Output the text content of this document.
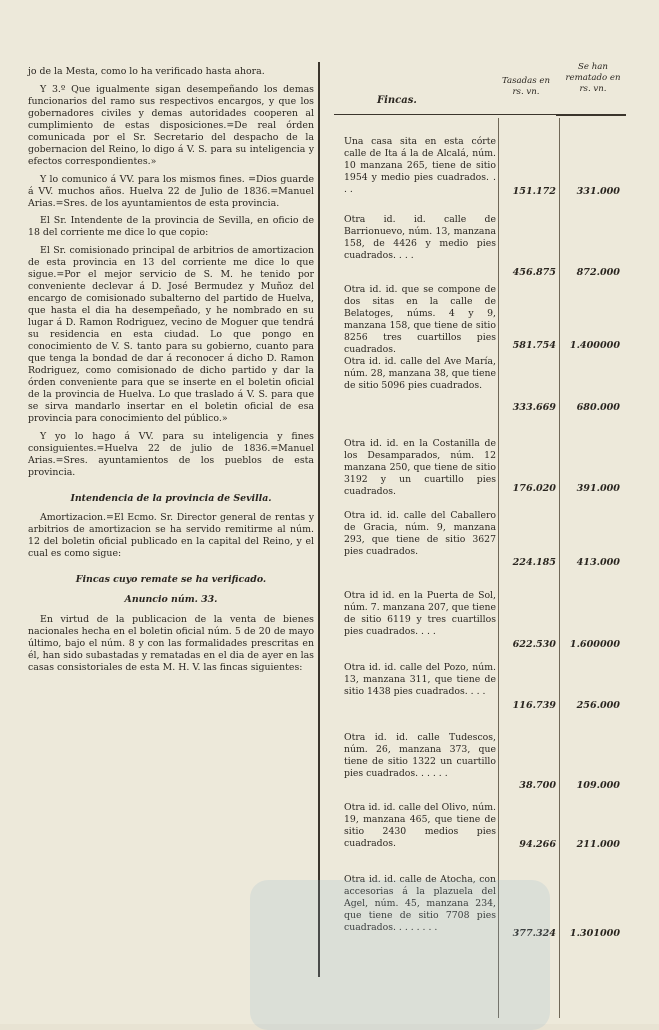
jo de la Mesta, como lo ha verificado hasta ahora.

Y 3.º Que igualmente sigan desempeñando los demas funcionarios del ramo sus respectivos encargos, y que los gobernadores civiles y demas autoridades cooperen al cumplimiento de estas disposiciones.=De real órden comunicada por el Sr. Secretario del despacho de la gobernacion del Reino, lo digo á V. S. para su inteligencia y efectos correspondientes.»

Y lo comunico á VV. para los mismos fines. =Dios guarde á VV. muchos años. Huelva 22 de Julio de 1836.=Manuel Arias.=Sres. de los ayuntamientos de esta provincia.

El Sr. Intendente de la provincia de Sevilla, en oficio de 18 del corriente me dice lo que copio:

El Sr. comisionado principal de arbitrios de amortizacion de esta provincia en 13 del corriente me dice lo que sigue.=Por el mejor servicio de S. M. he tenido por conveniente declevar á D. José Bermudez y Muñoz del encargo de comisionado subalterno del partido de Huelva, que hasta el dia ha desempeñado, y he nombrado en su lugar á D. Ramon Rodriguez, vecino de Moguer que tendrá su residencia en esta ciudad. Lo que pongo en conocimiento de V. S. tanto para su gobierno, cuanto para que tenga la bondad de dar á reconocer á dicho D. Ramon Rodriguez, como comisionado de dicho partido y dar la órden conveniente para que se inserte en el boletin oficial de la provincia de Huelva. Lo que traslado á V. S. para que se sirva mandarlo insertar en el boletin oficial de esa provincia para conocimiento del público.»

Y yo lo hago á VV. para su inteligencia y fines consiguientes.=Huelva 22 de julio de 1836.=Manuel Arias.=Sres. ayuntamientos de los pueblos de esta provincia.

Intendencia de la provincia de Sevilla.

Amortizacion.=El Ecmo. Sr. Director general de rentas y arbitrios de amortizacion se ha servido remitirme al núm. 12 del boletin oficial publicado en la capital del Reino, y el cual es como sigue:

Fincas cuyo remate se ha verificado.

Anuncio núm. 33.

En virtud de la publicacion de la venta de bienes nacionales hecha en el boletin oficial núm. 5 de 20 de mayo último, bajo el núm. 8 y con las formalidades prescritas en él, han sido subastadas y rematadas en el dia de ayer en las casas consistoriales de esta M. H. V. las fincas siguientes:

Fincas.
Tasadas en rs. vn.
Se han rematado en rs. vn.
Una casa sita en esta córte calle de Ita á la de Alcalá, núm. 10 manzana 265, tiene de sitio 1954 y medio pies cuadrados. . . .	151.172	331.000
Otra id. id. calle de Barrionuevo, núm. 13, manzana 158, de 4426 y medio pies cuadrados. . . .
456.875	872.000
Otra id. id. que se compone de dos sitas en la calle de Belatoges, núms. 4 y 9, manzana 158, que tiene de sitio 8256 tres cuartillos pies cuadrados.	581.754	1.400000
Otra id. id. calle del Ave María, núm. 28, manzana 38, que tiene de sitio 5096 pies cuadrados.
333.669	680.000
Otra id. id. en la Costanilla de los Desamparados, núm. 12 manzana 250, que tiene de sitio 3192 y un cuartillo pies cuadrados.	176.020	391.000
Otra id. id. calle del Caballero de Gracia, núm. 9, manzana 293, que tiene de sitio 3627 pies cuadrados.
224.185	413.000
Otra id id. en la Puerta de Sol, núm. 7. manzana 207, que tiene de sitio 6119 y tres cuartillos pies cuadrados. . . .
622.530	1.600000
Otra id. id. calle del Pozo, núm. 13, manzana 311, que tiene de sitio 1438 pies cuadrados. . . .
116.739	256.000
Otra id. id. calle Tudescos, núm. 26, manzana 373, que tiene de sitio 1322 un cuartillo pies cuadrados. . . . . .
38.700	109.000
Otra id. id. calle del Olivo, núm. 19, manzana 465, que tiene de sitio 2430 medios pies cuadrados.	94.266	211.000
Otra id. id. calle de Atocha, con accesorias á la plazuela del Agel, núm. 45, manzana 234, que tiene de sitio 7708 pies cuadrados. . . . . . . .
377.324	1.301000
